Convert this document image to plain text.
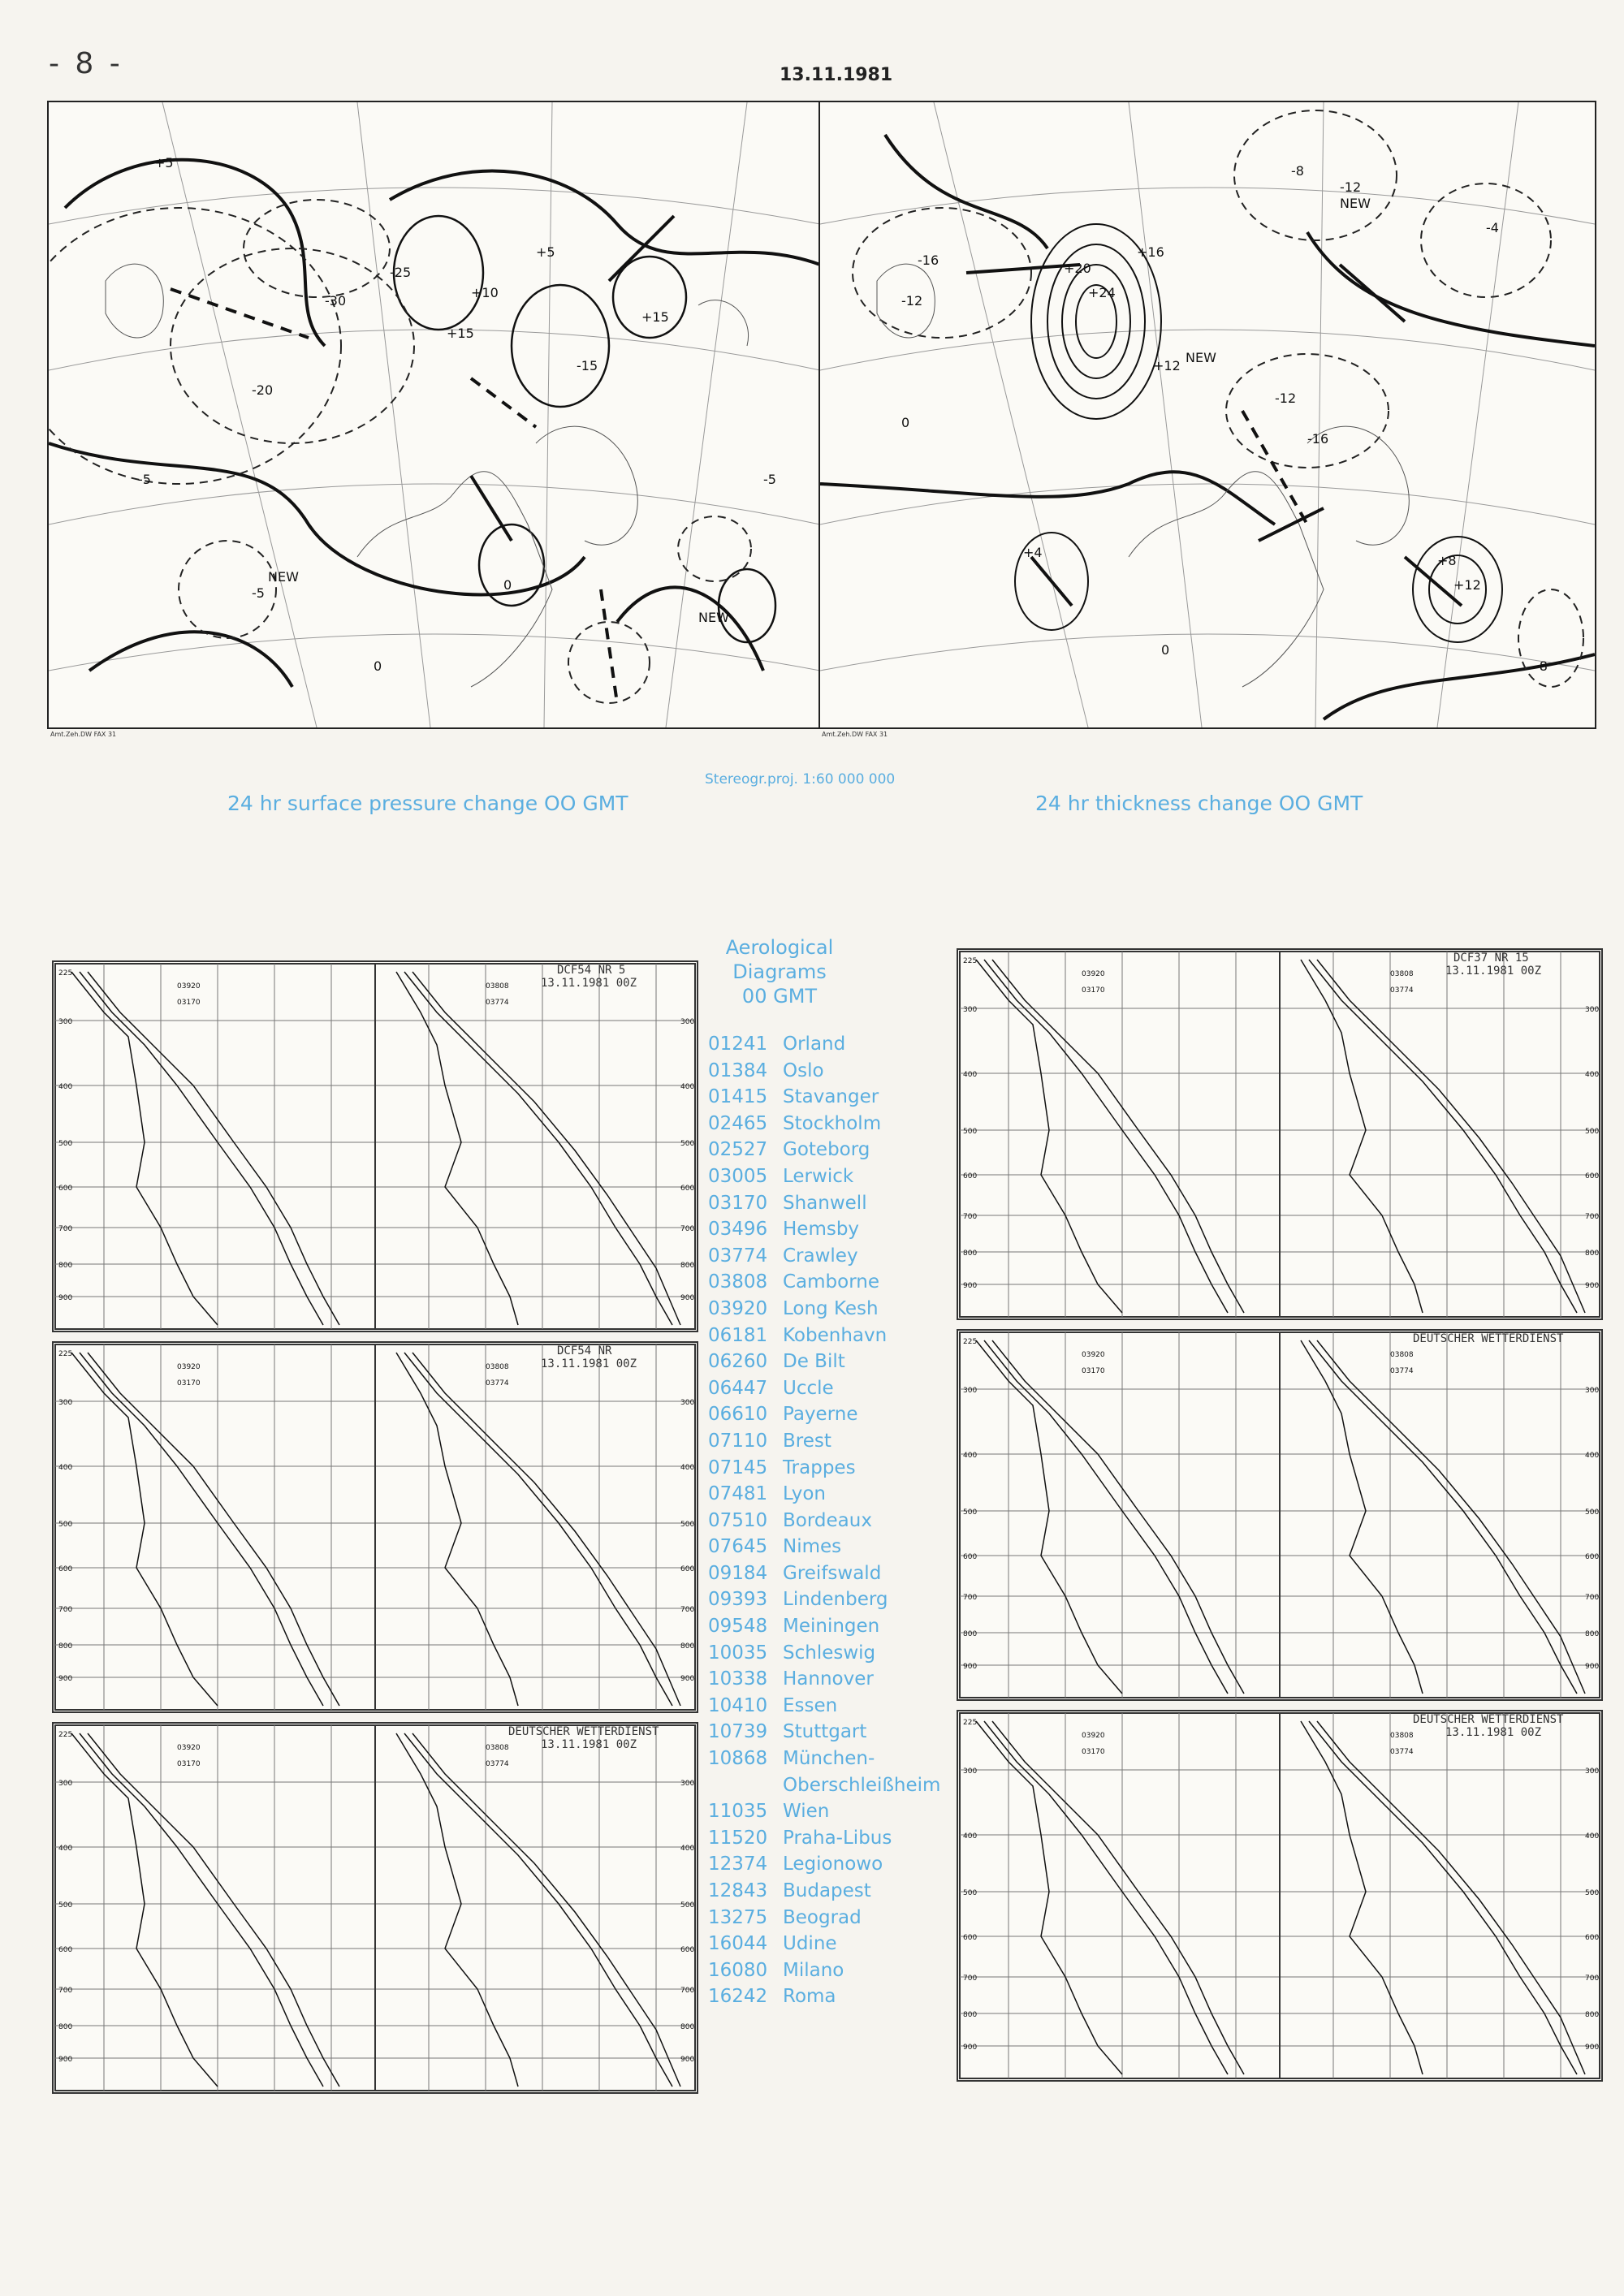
- 8 -	13.11.1981
+5
-30
-25
-20
+15
+10
-15
+15
+5
-5
-5
NEW
NEW
0
0
-5
Amt.Zeh.DW FAX 31
+24
+20
+16
+12
-16
-12
-8
-12
-4
-12
-16
+12
+8
+4
0
NEW
NEW
-8
0
Amt.Zeh.DW FAX 31
24 hr surface pressure change OO GMT
Stereogr.proj. 1:60 000 000
24 hr thickness change OO GMT
DCF54 NR 5
13.11.1981 00Z
DCF54 NR
13.11.1981 00Z
DEUTSCHER WETTERDIENST
13.11.1981 00Z
Aerological
Diagrams
00 GMT
01241 Orland
01384 Oslo
01415 Stavanger
02465 Stockholm
02527 Goteborg
03005 Lerwick
03170 Shanwell
03496 Hemsby
03774 Crawley
03808 Camborne
03920 Long Kesh
06181 Kobenhavn
06260 De Bilt
06447 Uccle
06610 Payerne
07110 Brest
07145 Trappes
07481 Lyon
07510 Bordeaux
07645 Nimes
09184 Greifswald
09393 Lindenberg
09548 Meiningen
10035 Schleswig
10338 Hannover
10410 Essen
10739 Stuttgart
10868 München-
Oberschleißheim
11035 Wien
11520 Praha-Libus
12374 Legionowo
12843 Budapest
13275 Beograd
16044 Udine
16080 Milano
16242 Roma
DCF37 NR 15
13.11.1981 00Z
DEUTSCHER WETTERDIENST
DEUTSCHER WETTERDIENST
13.11.1981 00Z
